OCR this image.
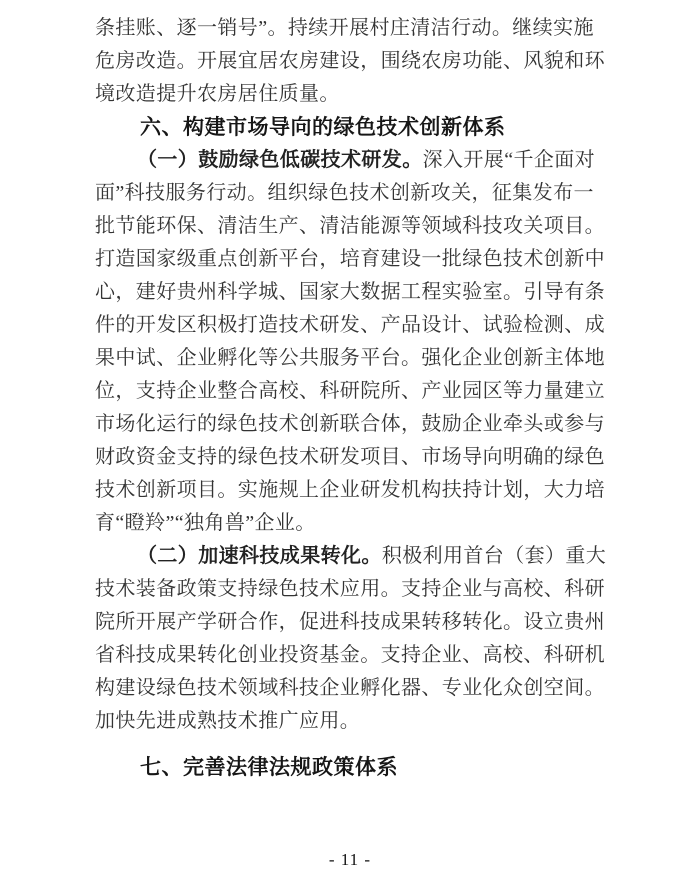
条挂账、逐一销号”。持续开展村庄清洁行动。继续实施
危房改造。开展宜居农房建设，围绕农房功能、风貌和环
境改造提升农房居住质量。
六、构建市场导向的绿色技术创新体系
（一）鼓励绿色低碳技术研发。深入开展“千企面对
面”科技服务行动。组织绿色技术创新攻关，征集发布一
批节能环保、清洁生产、清洁能源等领域科技攻关项目。
打造国家级重点创新平台，培育建设一批绿色技术创新中
心，建好贵州科学城、国家大数据工程实验室。引导有条
件的开发区积极打造技术研发、产品设计、试验检测、成
果中试、企业孵化等公共服务平台。强化企业创新主体地
位，支持企业整合高校、科研院所、产业园区等力量建立
市场化运行的绿色技术创新联合体，鼓励企业牵头或参与
财政资金支持的绿色技术研发项目、市场导向明确的绿色
技术创新项目。实施规上企业研发机构扶持计划，大力培
育“瞪羚”“独角兽”企业。
（二）加速科技成果转化。积极利用首台（套）重大
技术装备政策支持绿色技术应用。支持企业与高校、科研
院所开展产学研合作，促进科技成果转移转化。设立贵州
省科技成果转化创业投资基金。支持企业、高校、科研机
构建设绿色技术领域科技企业孵化器、专业化众创空间。
加快先进成熟技术推广应用。
七、完善法律法规政策体系
- 11 -
